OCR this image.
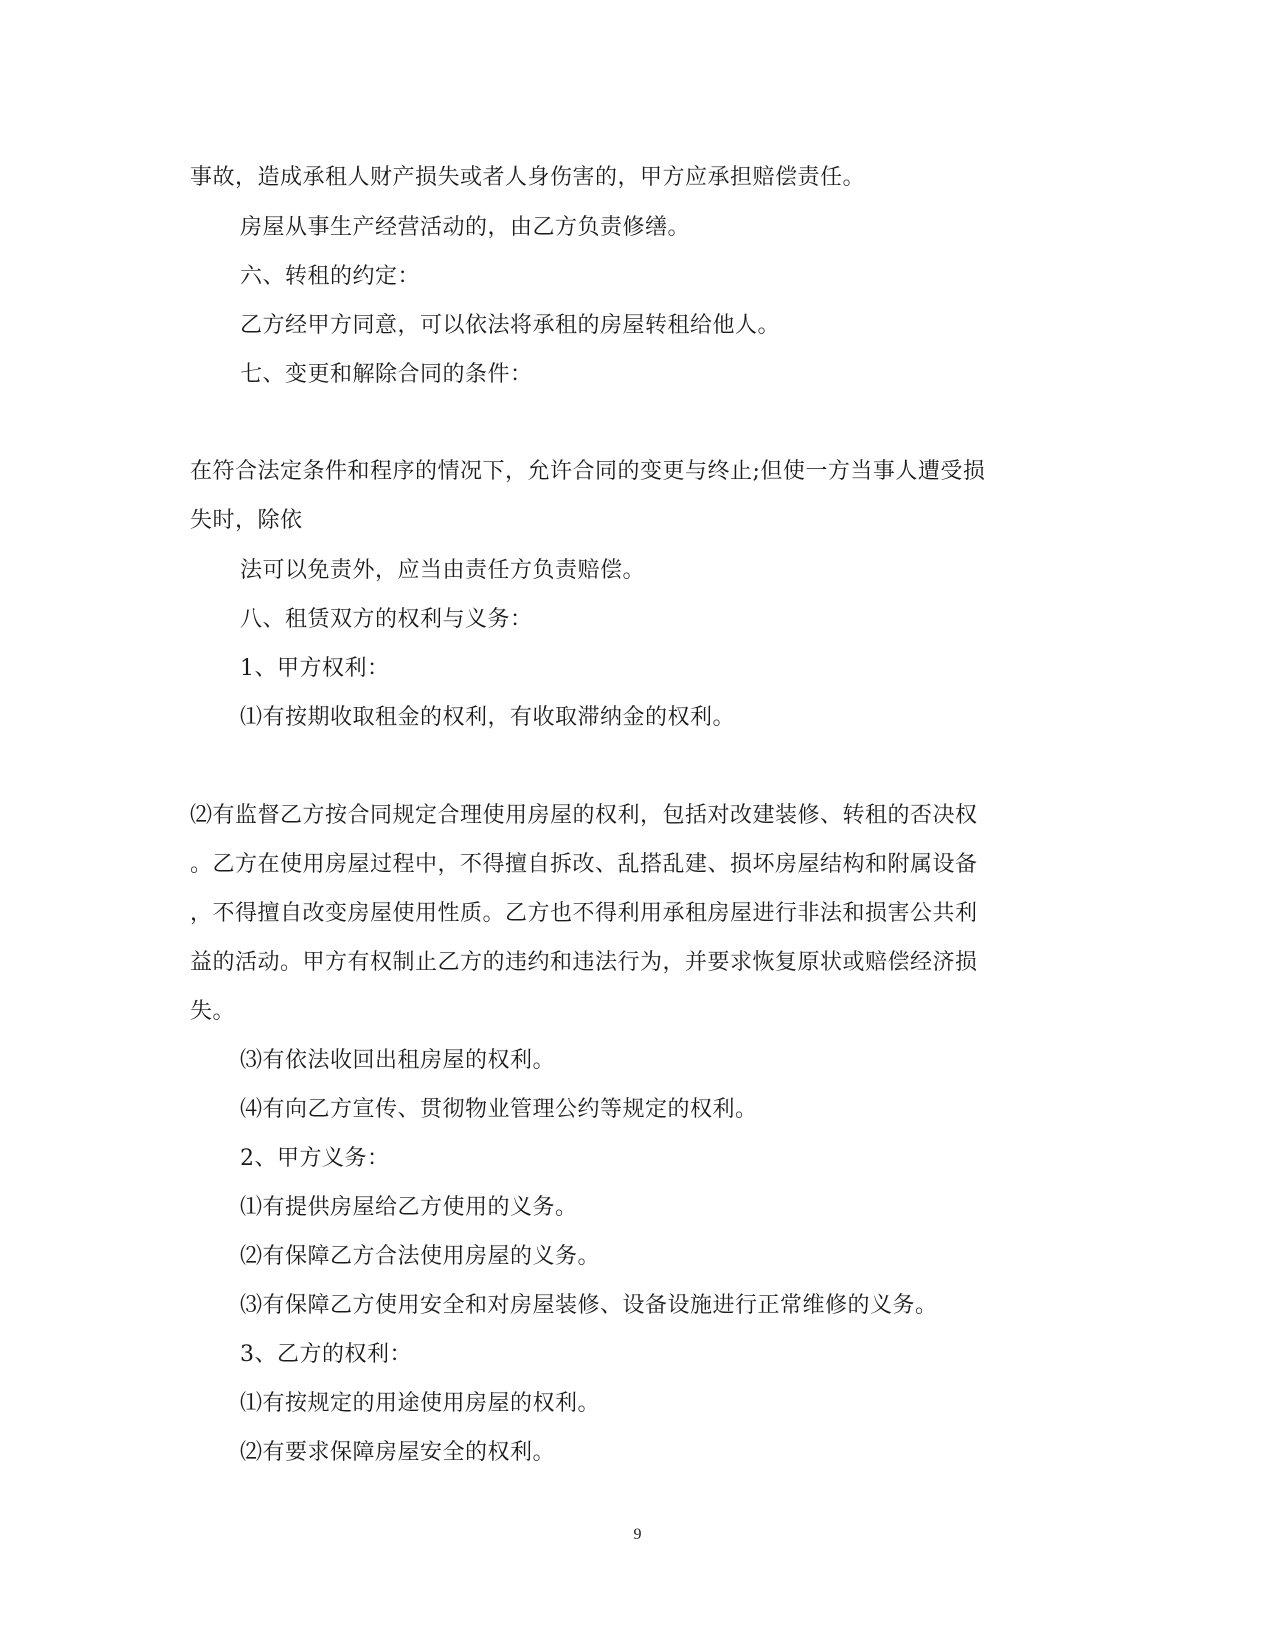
事故，造成承租人财产损失或者人身伤害的，甲方应承担赔偿责任。
房屋从事生产经营活动的，由乙方负责修缮。
六、转租的约定：
乙方经甲方同意，可以依法将承租的房屋转租给他人。
七、变更和解除合同的条件：
在符合法定条件和程序的情况下，允许合同的变更与终止;但使一方当事人遭受损
失时，除依
法可以免责外，应当由责任方负责赔偿。
八、租赁双方的权利与义务：
1、甲方权利：
⑴有按期收取租金的权利，有收取滞纳金的权利。
⑵有监督乙方按合同规定合理使用房屋的权利，包括对改建装修、转租的否决权
。乙方在使用房屋过程中，不得擅自拆改、乱搭乱建、损坏房屋结构和附属设备
，不得擅自改变房屋使用性质。乙方也不得利用承租房屋进行非法和损害公共利
益的活动。甲方有权制止乙方的违约和违法行为，并要求恢复原状或赔偿经济损
失。
⑶有依法收回出租房屋的权利。
⑷有向乙方宣传、贯彻物业管理公约等规定的权利。
2、甲方义务：
⑴有提供房屋给乙方使用的义务。
⑵有保障乙方合法使用房屋的义务。
⑶有保障乙方使用安全和对房屋装修、设备设施进行正常维修的义务。
3、乙方的权利：
⑴有按规定的用途使用房屋的权利。
⑵有要求保障房屋安全的权利。
9
